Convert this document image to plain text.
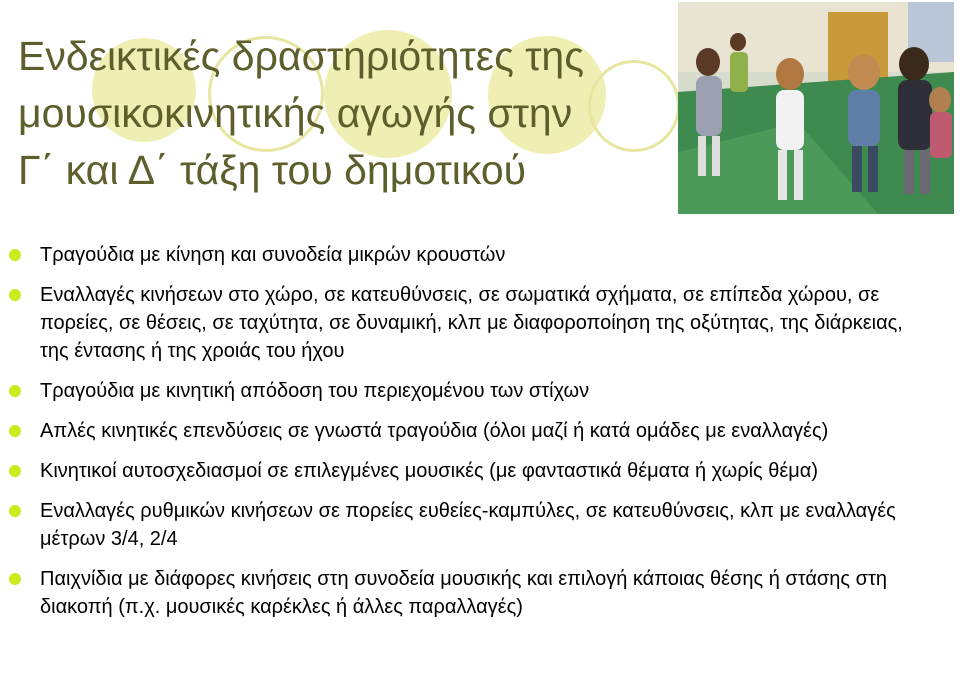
Ενδεικτικές δραστηριότητες της
μουσικοκινητικής αγωγής στην
Γ΄ και Δ΄ τάξη του δημοτικού
Τραγούδια με κίνηση και συνοδεία μικρών κρουστών
Εναλλαγές κινήσεων στο χώρο, σε κατευθύνσεις, σε σωματικά σχήματα, σε επίπεδα χώρου, σε πορείες, σε θέσεις, σε ταχύτητα, σε δυναμική, κλπ με διαφοροποίηση της οξύτητας, της διάρκειας, της έντασης ή της χροιάς του ήχου
Τραγούδια με κινητική απόδοση του περιεχομένου των στίχων
Απλές κινητικές επενδύσεις σε γνωστά τραγούδια (όλοι μαζί ή κατά ομάδες με εναλλαγές)
Κινητικοί αυτοσχεδιασμοί σε επιλεγμένες μουσικές (με φανταστικά θέματα ή χωρίς θέμα)
Εναλλαγές ρυθμικών κινήσεων σε πορείες ευθείες-καμπύλες, σε κατευθύνσεις, κλπ με εναλλαγές μέτρων 3/4, 2/4
Παιχνίδια με διάφορες κινήσεις στη συνοδεία μουσικής και επιλογή κάποιας θέσης ή στάσης στη διακοπή (π.χ. μουσικές καρέκλες ή άλλες παραλλαγές)
